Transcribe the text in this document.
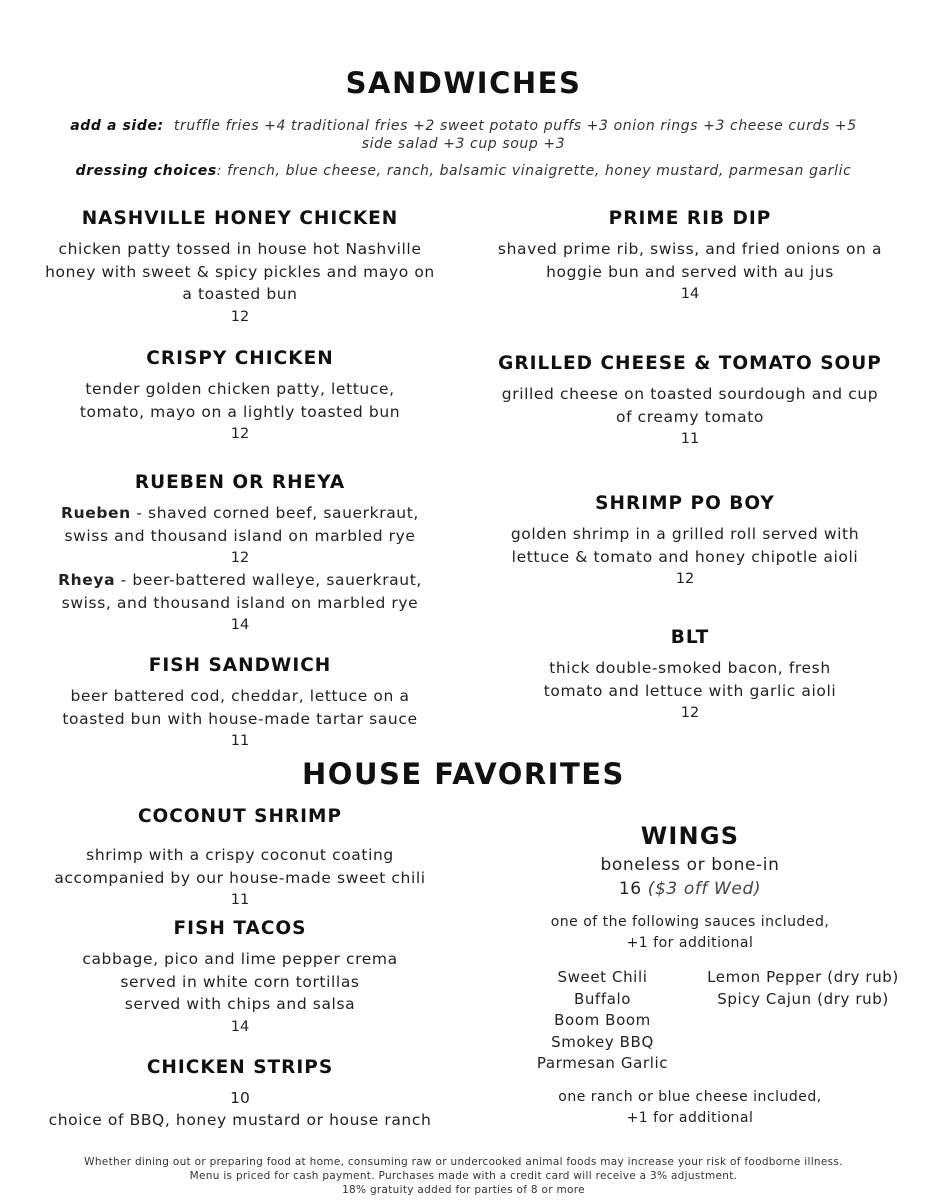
SANDWICHES
add a side: truffle fries +4 traditional fries +2 sweet potato puffs +3 onion rings +3 cheese curds +5
side salad +3 cup soup +3
dressing choices: french, blue cheese, ranch, balsamic vinaigrette, honey mustard, parmesan garlic
NASHVILLE HONEY CHICKEN
chicken patty tossed in house hot Nashville honey with sweet & spicy pickles and mayo on a toasted bun
12
CRISPY CHICKEN
tender golden chicken patty, lettuce, tomato, mayo on a lightly toasted bun
12
RUEBEN OR RHEYA
Rueben - shaved corned beef, sauerkraut, swiss and thousand island on marbled rye
12
Rheya - beer-battered walleye, sauerkraut, swiss, and thousand island on marbled rye
14
FISH SANDWICH
beer battered cod, cheddar, lettuce on a toasted bun with house-made tartar sauce
11
PRIME RIB DIP
shaved prime rib, swiss, and fried onions on a hoggie bun and served with au jus
14
GRILLED CHEESE & TOMATO SOUP
grilled cheese on toasted sourdough and cup of creamy tomato
11
SHRIMP PO BOY
golden shrimp in a grilled roll served with lettuce & tomato and honey chipotle aioli
12
BLT
thick double-smoked bacon, fresh tomato and lettuce with garlic aioli
12
HOUSE FAVORITES
COCONUT SHRIMP
shrimp with a crispy coconut coating accompanied by our house-made sweet chili
11
FISH TACOS
cabbage, pico and lime pepper crema
served in white corn tortillas
served with chips and salsa
14
CHICKEN STRIPS
10
choice of BBQ, honey mustard or house ranch
WINGS
boneless or bone-in
16 ($3 off Wed)
one of the following sauces included,
+1 for additional
Sweet Chili
Buffalo
Boom Boom
Smokey BBQ
Parmesan Garlic
Lemon Pepper (dry rub)
Spicy Cajun (dry rub)
one ranch or blue cheese included,
+1 for additional
Whether dining out or preparing food at home, consuming raw or undercooked animal foods may increase your risk of foodborne illness.
Menu is priced for cash payment. Purchases made with a credit card will receive a 3% adjustment.
18% gratuity added for parties of 8 or more
